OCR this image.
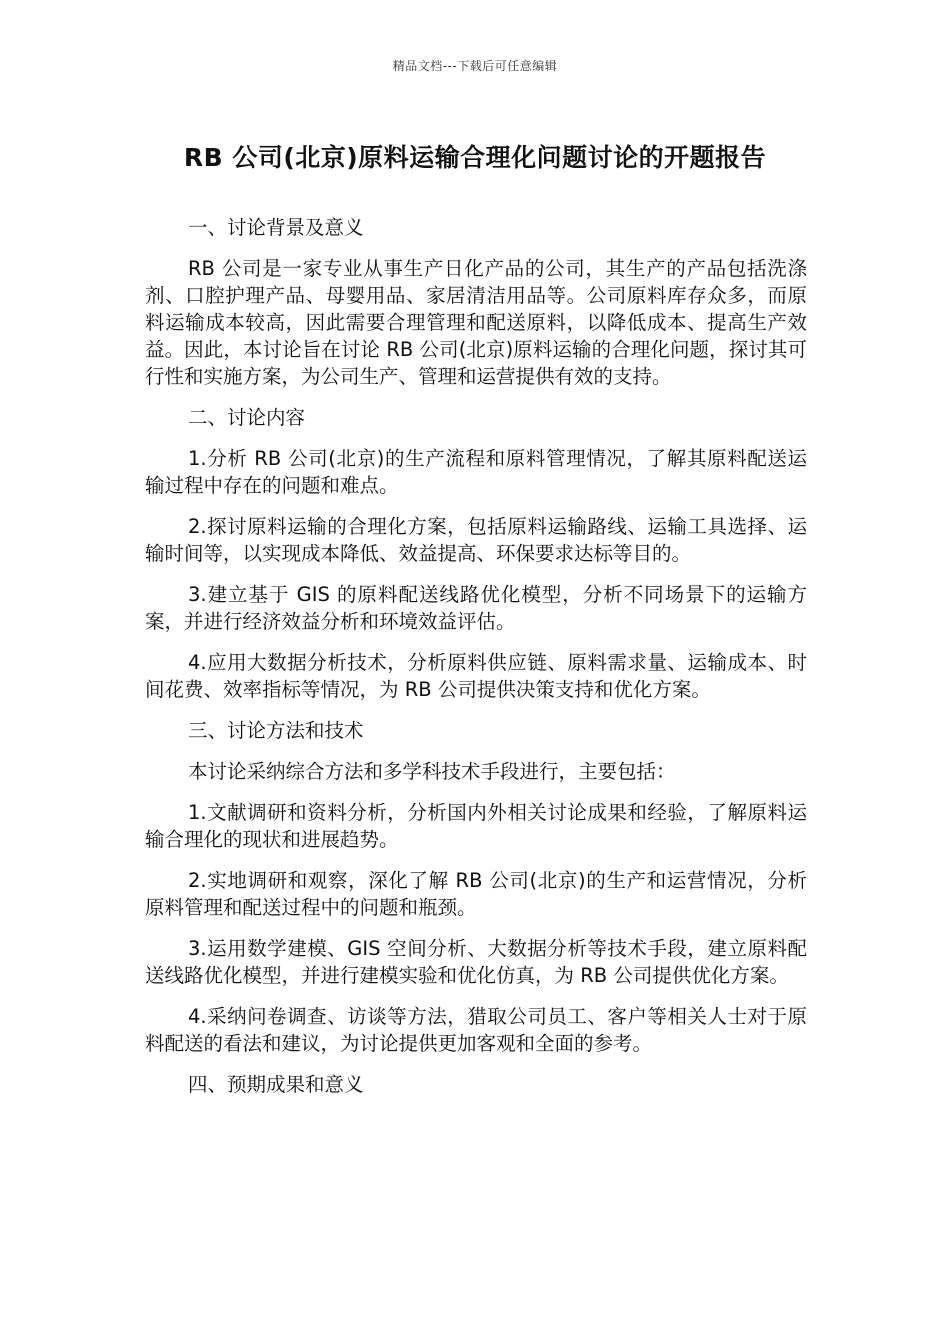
精品文档---下载后可任意编辑
RB 公司(北京)原料运输合理化问题讨论的开题报告

一、讨论背景及意义

RB 公司是一家专业从事生产日化产品的公司，其生产的产品包括洗涤剂、口腔护理产品、母婴用品、家居清洁用品等。公司原料库存众多，而原料运输成本较高，因此需要合理管理和配送原料，以降低成本、提高生产效益。因此，本讨论旨在讨论 RB 公司(北京)原料运输的合理化问题，探讨其可行性和实施方案，为公司生产、管理和运营提供有效的支持。

二、讨论内容

1.分析 RB 公司(北京)的生产流程和原料管理情况，了解其原料配送运输过程中存在的问题和难点。

2.探讨原料运输的合理化方案，包括原料运输路线、运输工具选择、运输时间等，以实现成本降低、效益提高、环保要求达标等目的。

3.建立基于 GIS 的原料配送线路优化模型，分析不同场景下的运输方案，并进行经济效益分析和环境效益评估。

4.应用大数据分析技术，分析原料供应链、原料需求量、运输成本、时间花费、效率指标等情况，为 RB 公司提供决策支持和优化方案。

三、讨论方法和技术

本讨论采纳综合方法和多学科技术手段进行，主要包括：

1.文献调研和资料分析，分析国内外相关讨论成果和经验，了解原料运输合理化的现状和进展趋势。

2.实地调研和观察，深化了解 RB 公司(北京)的生产和运营情况，分析原料管理和配送过程中的问题和瓶颈。

3.运用数学建模、GIS 空间分析、大数据分析等技术手段，建立原料配送线路优化模型，并进行建模实验和优化仿真，为 RB 公司提供优化方案。

4.采纳问卷调查、访谈等方法，猎取公司员工、客户等相关人士对于原料配送的看法和建议，为讨论提供更加客观和全面的参考。

四、预期成果和意义
